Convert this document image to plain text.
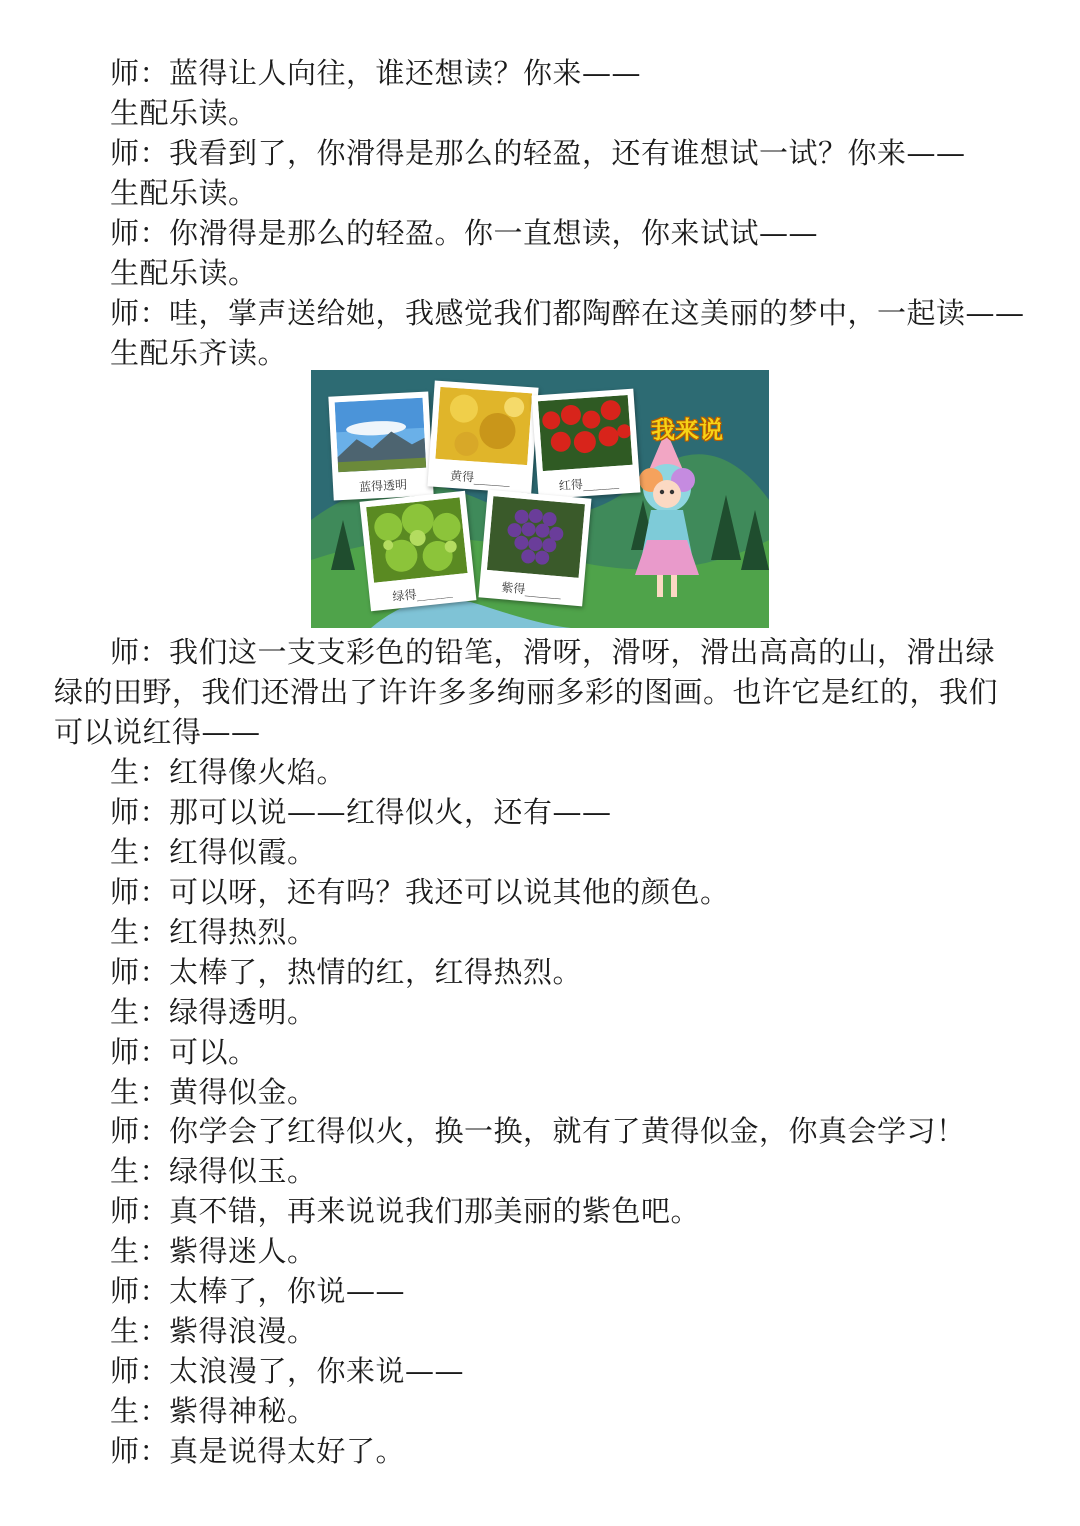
师：蓝得让人向往，谁还想读？你来——
生配乐读。
师：我看到了，你滑得是那么的轻盈，还有谁想试一试？你来——
生配乐读。
师：你滑得是那么的轻盈。你一直想读，你来试试——
生配乐读。
师：哇，掌声送给她，我感觉我们都陶醉在这美丽的梦中，一起读——
生配乐齐读。
我来说
蓝得透明	黄得______	红得______
绿得______	紫得______
师：我们这一支支彩色的铅笔，滑呀，滑呀，滑出高高的山，滑出绿绿的田野，我们还滑出了许许多多绚丽多彩的图画。也许它是红的，我们可以说红得——
生：红得像火焰。
师：那可以说——红得似火，还有——
生：红得似霞。
师：可以呀，还有吗？我还可以说其他的颜色。
生：红得热烈。
师：太棒了，热情的红，红得热烈。
生：绿得透明。
师：可以。
生：黄得似金。
师：你学会了红得似火，换一换，就有了黄得似金，你真会学习！
生：绿得似玉。
师：真不错，再来说说我们那美丽的紫色吧。
生：紫得迷人。
师：太棒了，你说——
生：紫得浪漫。
师：太浪漫了，你来说——
生：紫得神秘。
师：真是说得太好了。
